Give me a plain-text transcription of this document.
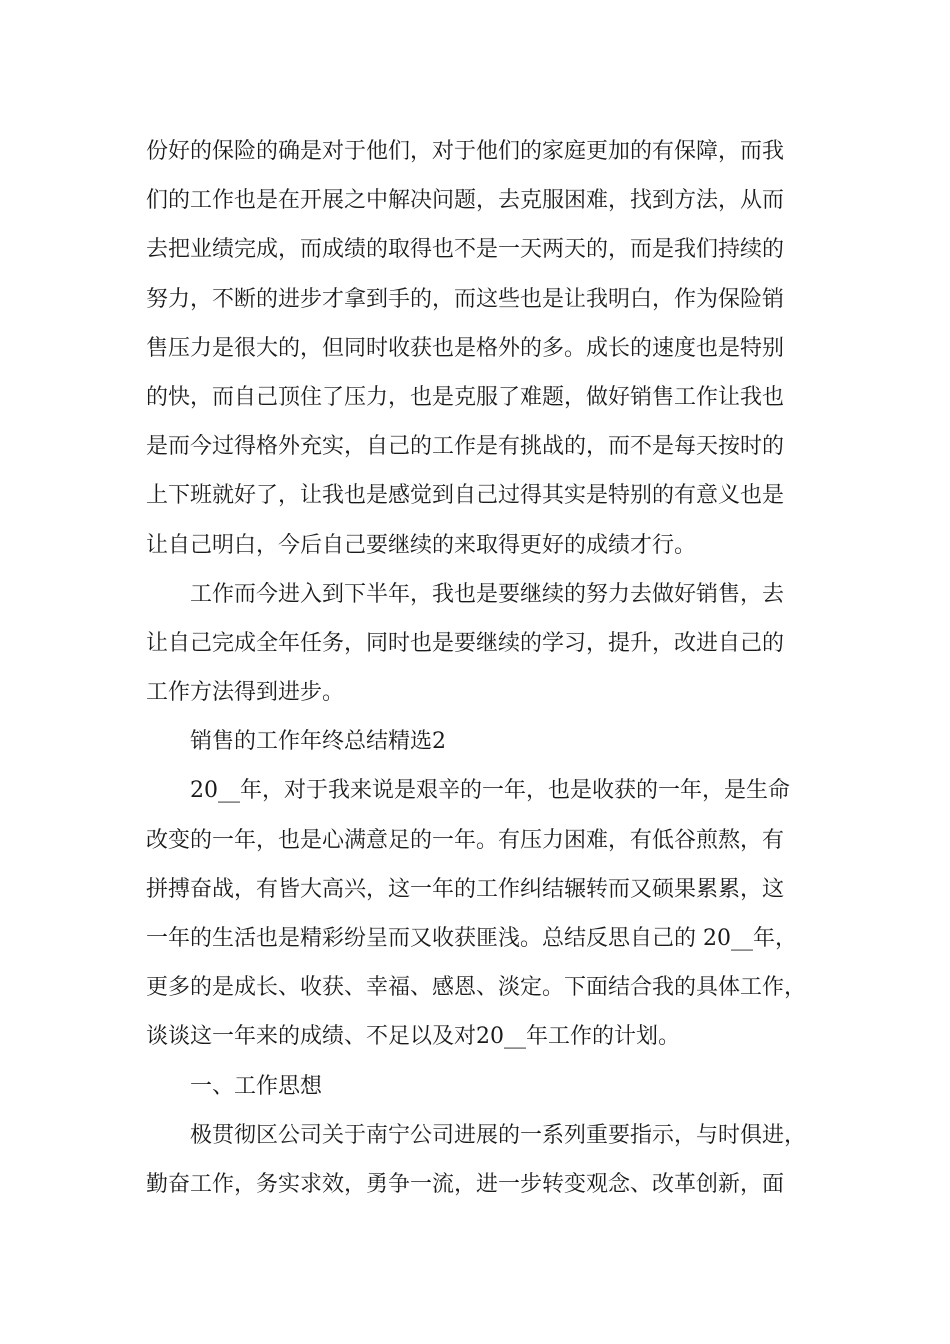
份好的保险的确是对于他们，对于他们的家庭更加的有保障，而我
们的工作也是在开展之中解决问题，去克服困难，找到方法，从而
去把业绩完成，而成绩的取得也不是一天两天的，而是我们持续的
努力，不断的进步才拿到手的，而这些也是让我明白，作为保险销
售压力是很大的，但同时收获也是格外的多。成长的速度也是特别
的快，而自己顶住了压力，也是克服了难题，做好销售工作让我也
是而今过得格外充实，自己的工作是有挑战的，而不是每天按时的
上下班就好了，让我也是感觉到自己过得其实是特别的有意义也是
让自己明白，今后自己要继续的来取得更好的成绩才行。
工作而今进入到下半年，我也是要继续的努力去做好销售，去
让自己完成全年任务，同时也是要继续的学习，提升，改进自己的
工作方法得到进步。
销售的工作年终总结精选2
20__年，对于我来说是艰辛的一年，也是收获的一年，是生命
改变的一年，也是心满意足的一年。有压力困难，有低谷煎熬，有
拼搏奋战，有皆大高兴，这一年的工作纠结辗转而又硕果累累，这
一年的生活也是精彩纷呈而又收获匪浅。总结反思自己的 20__年，
更多的是成长、收获、幸福、感恩、淡定。下面结合我的具体工作，
谈谈这一年来的成绩、不足以及对20__年工作的计划。
一、工作思想
极贯彻区公司关于南宁公司进展的一系列重要指示，与时俱进，
勤奋工作，务实求效，勇争一流，进一步转变观念、改革创新，面
